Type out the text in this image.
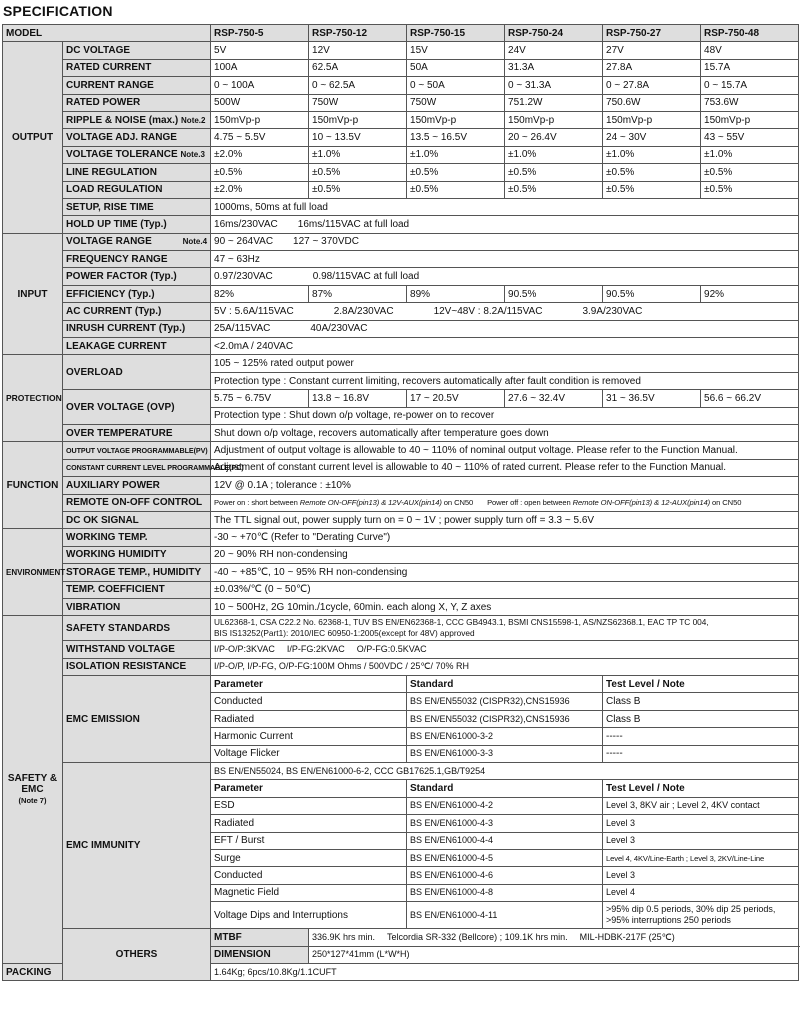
SPECIFICATION
MODEL		RSP-750-5	RSP-750-12	RSP-750-15	RSP-750-24	RSP-750-27	RSP-750-48
OUTPUT	DC VOLTAGE	5V	12V	15V	24V	27V	48V
	RATED CURRENT	100A	62.5A	50A	31.3A	27.8A	15.7A
	CURRENT RANGE	0 ~ 100A	0 ~ 62.5A	0 ~ 50A	0 ~ 31.3A	0 ~ 27.8A	0 ~ 15.7A
	RATED POWER	500W	750W	750W	751.2W	750.6W	753.6W
	RIPPLE & NOISE (max.) Note.2	150mVp-p	150mVp-p	150mVp-p	150mVp-p	150mVp-p	150mVp-p
	VOLTAGE ADJ. RANGE	4.75 ~ 5.5V	10 ~ 13.5V	13.5 ~ 16.5V	20 ~ 26.4V	24 ~ 30V	43 ~ 55V
	VOLTAGE TOLERANCE Note.3	±2.0%	±1.0%	±1.0%	±1.0%	±1.0%	±1.0%
	LINE REGULATION	±0.5%	±0.5%	±0.5%	±0.5%	±0.5%	±0.5%
	LOAD REGULATION	±2.0%	±0.5%	±0.5%	±0.5%	±0.5%	±0.5%
	SETUP, RISE TIME	1000ms, 50ms at full load					
	HOLD UP TIME (Typ.)	16ms/230VAC 16ms/115VAC at full load					
INPUT	VOLTAGE RANGE Note.4	90 ~ 264VAC 127 ~ 370VDC					
	FREQUENCY RANGE	47 ~ 63Hz					
	POWER FACTOR (Typ.)	0.97/230VAC 0.98/115VAC at full load					
	EFFICIENCY (Typ.)	82%	87%	89%	90.5%	90.5%	92%
	AC CURRENT (Typ.)	5V : 5.6A/115VAC 2.8A/230VAC 12V~48V : 8.2A/115VAC 3.9A/230VAC					
	INRUSH CURRENT (Typ.)	25A/115VAC 40A/230VAC					
	LEAKAGE CURRENT	<2.0mA / 240VAC					
PROTECTION	OVERLOAD	105 ~ 125% rated output power					
		Protection type : Constant current limiting, recovers automatically after fault condition is removed					
	OVER VOLTAGE (OVP)	5.75 ~ 6.75V	13.8 ~ 16.8V	17 ~ 20.5V	27.6 ~ 32.4V	31 ~ 36.5V	56.6 ~ 66.2V
		Protection type : Shut down o/p voltage, re-power on to recover					
	OVER TEMPERATURE	Shut down o/p voltage, recovers automatically after temperature goes down					
FUNCTION	OUTPUT VOLTAGE PROGRAMMABLE(PV)	Adjustment of output voltage is allowable to 40 ~ 110% of nominal output voltage. Please refer to the Function Manual.					
	CONSTANT CURRENT LEVEL PROGRAMMABLE(PC)	Adjustment of constant current level is allowable to 40 ~ 110% of rated current. Please refer to the Function Manual.					
	AUXILIARY POWER	12V @ 0.1A ; tolerance : ±10%					
	REMOTE ON-OFF CONTROL	Power on : short between Remote ON-OFF(pin13) & 12V-AUX(pin14) on CN50 Power off : open between Remote ON-OFF(pin13) & 12-AUX(pin14) on CN50					
	DC OK SIGNAL	The TTL signal out, power supply turn on = 0 ~ 1V ; power supply turn off = 3.3 ~ 5.6V					
ENVIRONMENT	WORKING TEMP.	-30 ~ +70℃ (Refer to "Derating Curve")					
	WORKING HUMIDITY	20 ~ 90% RH non-condensing					
	STORAGE TEMP., HUMIDITY	-40 ~ +85℃, 10 ~ 95% RH non-condensing					
	TEMP. COEFFICIENT	±0.03%/℃ (0 ~ 50℃)					
	VIBRATION	10 ~ 500Hz, 2G 10min./1cycle, 60min. each along X, Y, Z axes					
SAFETY &
EMC
(Note 7)	SAFETY STANDARDS	UL62368-1, CSA C22.2 No. 62368-1, TUV BS EN/EN62368-1, CCC GB4943.1, BSMI CNS15598-1, AS/NZS62368.1, EAC TP TC 004,
BIS IS13252(Part1): 2010/IEC 60950-1:2005(except for 48V) approved					
	WITHSTAND VOLTAGE	I/P-O/P:3KVAC I/P-FG:2KVAC O/P-FG:0.5KVAC					
	ISOLATION RESISTANCE	I/P-O/P, I/P-FG, O/P-FG:100M Ohms / 500VDC / 25℃/ 70% RH					
	EMC EMISSION	Parameter		Standard		Test Level / Note	
		Conducted		BS EN/EN55032 (CISPR32),CNS15936		Class B	
		Radiated		BS EN/EN55032 (CISPR32),CNS15936		Class B	
		Harmonic Current		BS EN/EN61000-3-2		-----	
		Voltage Flicker		BS EN/EN61000-3-3		-----	
	EMC IMMUNITY	BS EN/EN55024, BS EN/EN61000-6-2, CCC GB17625.1,GB/T9254					
		Parameter		Standard		Test Level / Note	
		ESD		BS EN/EN61000-4-2		Level 3, 8KV air ; Level 2, 4KV contact	
		Radiated		BS EN/EN61000-4-3		Level 3	
		EFT / Burst		BS EN/EN61000-4-4		Level 3	
		Surge		BS EN/EN61000-4-5		Level 4, 4KV/Line-Earth ; Level 3, 2KV/Line-Line	
		Conducted		BS EN/EN61000-4-6		Level 3	
		Magnetic Field		BS EN/EN61000-4-8		Level 4	
		Voltage Dips and Interruptions		BS EN/EN61000-4-11		>95% dip 0.5 periods, 30% dip 25 periods,
>95% interruptions 250 periods	
	OTHERS	MTBF	336.9K hrs min. Telcordia SR-332 (Bellcore) ; 109.1K hrs min. MIL-HDBK-217F (25℃)				
		DIMENSION	250*127*41mm (L*W*H)				
PACKING		1.64Kg; 6pcs/10.8Kg/1.1CUFT					
